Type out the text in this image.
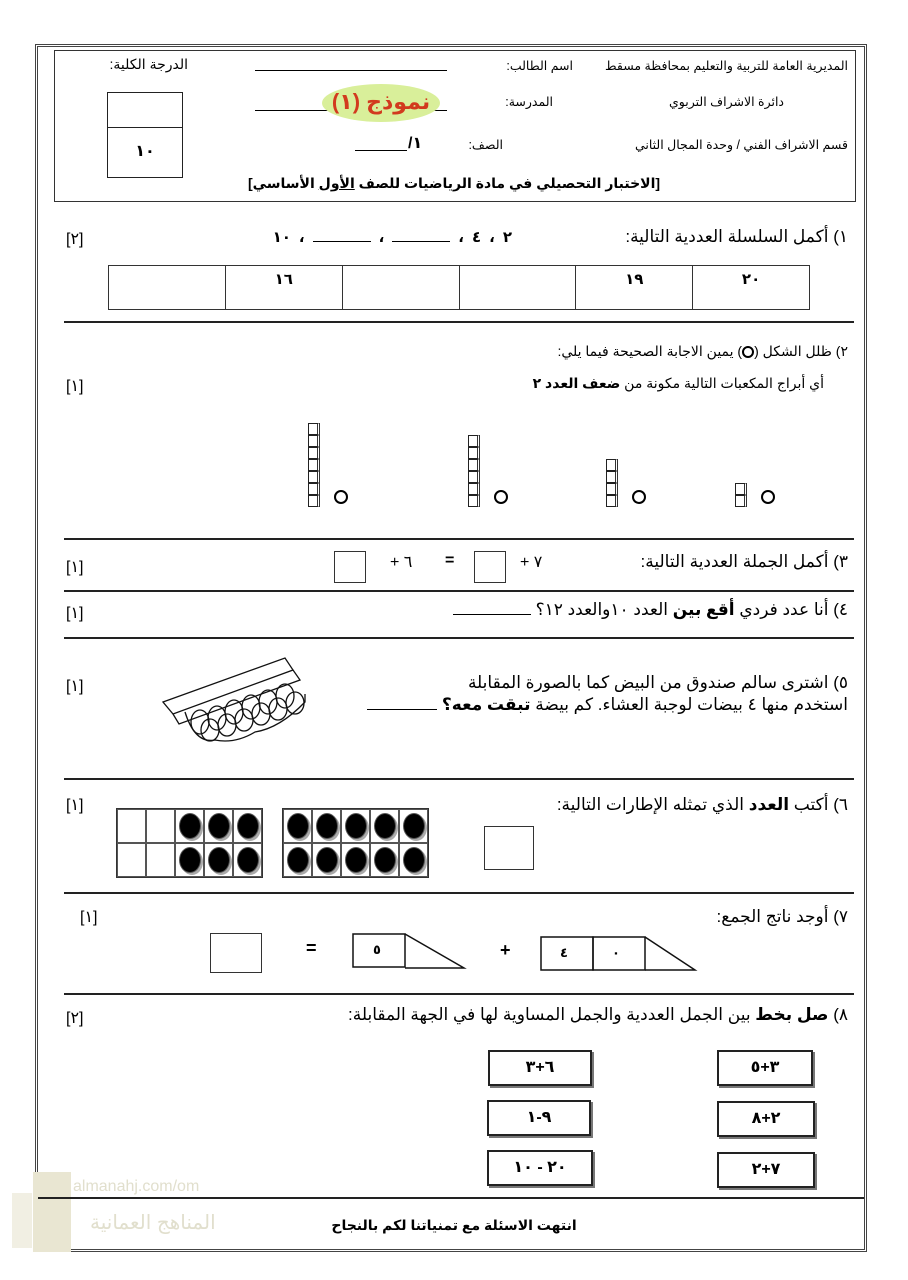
المديرية العامة للتربية والتعليم بمحافظة مسقط
دائرة الاشراف التربوي
قسم الاشراف الفني / وحدة المجال الثاني
اسم الطالب:
المدرسة:
نموذج (١)
الصف:
١/
الدرجة الكلية:
١٠
[الاختبار التحصيلي في مادة الرياضيات للصف الأول الأساسي]
١) أكمل السلسلة العددية التالية:
٢
،
٤
،
،
،
١٠
[٢]
٢٠	١٩			١٦	
٢) ظلل الشكل () يمين الاجابة الصحيحة فيما يلي:
أي أبراج المكعبات التالية مكونة من ضعف العدد ٢
[١]
٣) أكمل الجملة العددية التالية:
+ ٧
=
+ ٦
[١]
٤) أنا عدد فردي أقع بين العدد ١٠والعدد ١٢؟
[١]
٥) اشترى سالم صندوق من البيض كما بالصورة المقابلة
استخدم منها ٤ بيضات لوجبة العشاء. كم بيضة تبقت معه؟
[١]
٦) أكتب العدد الذي تمثله الإطارات التالية:
[١]
٧) أوجد ناتج الجمع:
[١]
٤	٠
+
٥
=
٨) صل بخط بين الجمل العددية والجمل المساوية لها في الجهة المقابلة:
[٢]
٣+٥
٢+٨
٧+٢
٦+٣
٩-١
٢٠ - ١٠
almanahj.com/om
المناهج العمانية	انتهت الاسئلة مع تمنياتنا لكم بالنجاح
